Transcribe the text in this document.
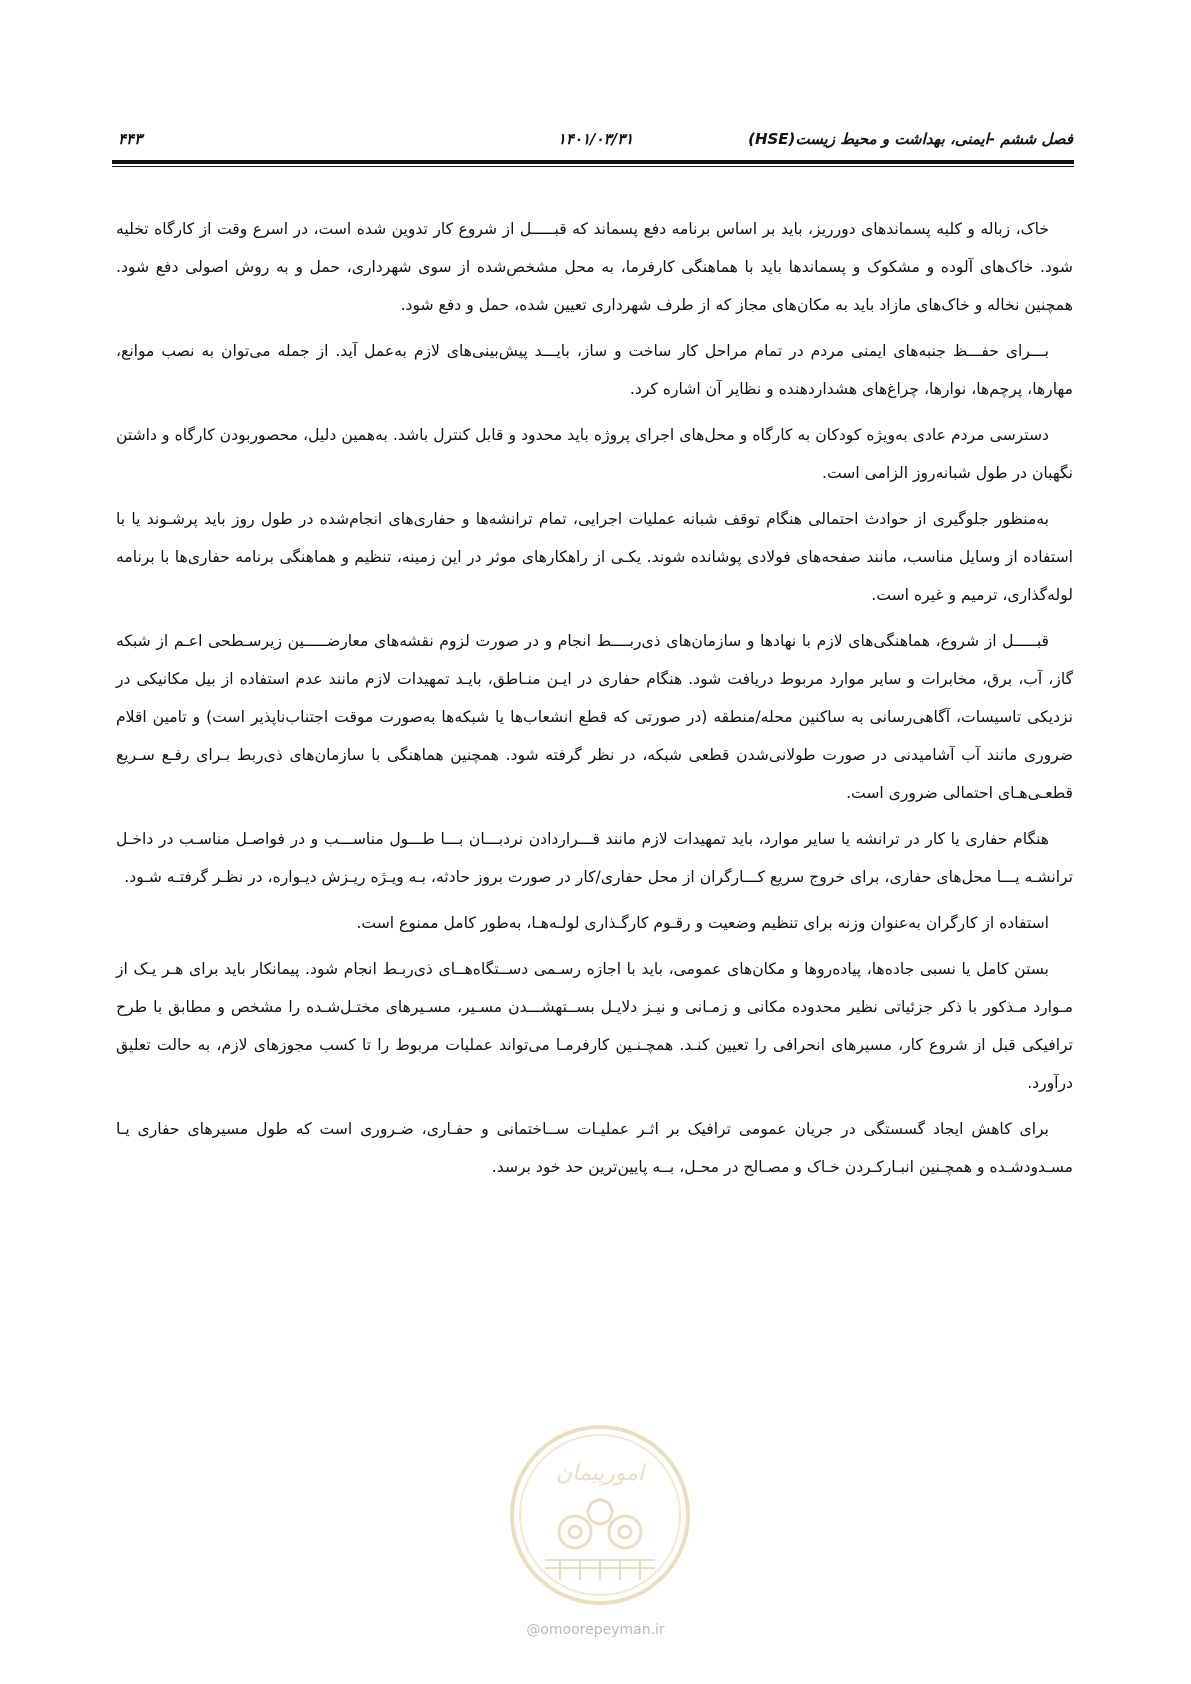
فصل ششم -ایمنی، بهداشت و محیط زیست(HSE)
۱۴۰۱/۰۳/۳۱
۴۴۳

خاک، زباله و کلیه پسماندهای دورریز، باید بر اساس برنامه دفع پسماند که قبـــــل از شروع کار تدوین شده است، در اسرع وقت از کارگاه تخلیه شود. خاک‌های آلوده و مشکوک و پسماندها باید با هماهنگی کارفرما، به محل مشخص‌شده از سوی شهرداری، حمل و به روش اصولی دفع شود. همچنین نخاله و خاک‌های مازاد باید به مکان‌های مجاز که از طرف شهرداری تعیین شده، حمل و دفع شود.

بـــرای حفـــظ جنبه‌های ایمنی مردم در تمام مراحل کار ساخت و ساز، بایـــد پیش‌بینی‌های لازم به‌عمل آید. از جمله می‌توان به نصب موانع، مهارها، پرچم‌ها، نوارها، چراغ‌های هشداردهنده و نظایر آن اشاره کرد.

دسترسی مردم عادی به‌ویژه کودکان به کارگاه و محل‌های اجرای پروژه باید محدود و قابل کنترل باشد. به‌همین دلیل، محصوربودن کارگاه و داشتن نگهبان در طول شبانه‌روز الزامی است.

به‌منظور جلوگیری از حوادث احتمالی هنگام توقف شبانه عملیات اجرایی، تمام ترانشه‌ها و حفاری‌های انجام‌شده در طول روز باید پرشـوند یا با استفاده از وسایل مناسب، مانند صفحه‌های فولادی پوشانده شوند. یکـی از راهکارهای موثر در این زمینه، تنظیم و هماهنگی برنامه حفاری‌ها با برنامه لوله‌گذاری، ترمیم و غیره است.

قبـــــل از شروع، هماهنگی‌های لازم با نهادها و سازمان‌های ذی‌ربــــط انجام و در صورت لزوم نقشه‌های معارضـــــین زیرسـطحی اعـم از شبکه گاز، آب، برق، مخابرات و سایر موارد مربوط دریافت شود. هنگام حفاری در ایـن منـاطق، بایـد تمهیدات لازم مانند عدم استفاده از بیل مکانیکی در نزدیکی تاسیسات، آگاهی‌رسانی به ساکنین محله/منطقه (در صورتی که قطع انشعاب‌ها یا شبکه‌ها به‌صورت موقت اجتناب‌ناپذیر است) و تامین اقلام ضروری مانند آب آشامیدنی در صورت طولانی‌شدن قطعی شبکه، در نظر گرفته شود. همچنین هماهنگی با سازمان‌های ذی‌ربط بـرای رفـع سـریع قطعـی‌هـای احتمالی ضروری است.

هنگام حفاری یا کار در ترانشه یا سایر موارد، باید تمهیدات لازم مانند قـــراردادن نردبـــان بـــا طـــول مناســـب و در فواصـل مناسـب در داخـل ترانشـه یـــا محل‌های حفاری، برای خروج سریع کـــارگران از محل حفاری/کار در صورت بروز حادثه، بـه ویـژه ریـزش دیـواره، در نظـر گرفتـه شـود.

استفاده از کارگران به‌عنوان وزنه برای تنظیم وضعیت و رقـوم کارگـذاری لولـه‌هـا، به‌طور کامل ممنوع است.

بستن کامل یا نسبی جاده‌ها، پیاده‌روها و مکان‌های عمومی، باید با اجازه رسـمی دســتگاه‌هــای ذی‌ربـط انجام شود. پیمانکار باید برای هـر یـک از مـوارد مـذکور با ذکر جزئیاتی نظیر محدوده مکانی و زمـانی و نیـز دلایـل بســتهشـــدن مسـیر، مسـیرهای مختـل‌شـده را مشخص و مطابق با طرح ترافیکی قبل از شروع کار، مسیرهای انحرافی را تعیین کنـد. همچـنـین کارفرمـا می‌تواند عملیات مربوط را تا کسب مجوزهای لازم، به حالت تعلیق درآورد.

برای کاهش ایجاد گسستگی در جریان عمومی ترافیک بر اثـر عملیـات ســاختمانی و حفـاری، ضـروری است که طول مسیرهای حفاری یـا مسـدودشـده و همچـنین انبـارکـردن خـاک و مصـالح در محـل، بــه پایین‌ترین حد خود برسد.

امورپیمان
@omoorepeyman.ir
